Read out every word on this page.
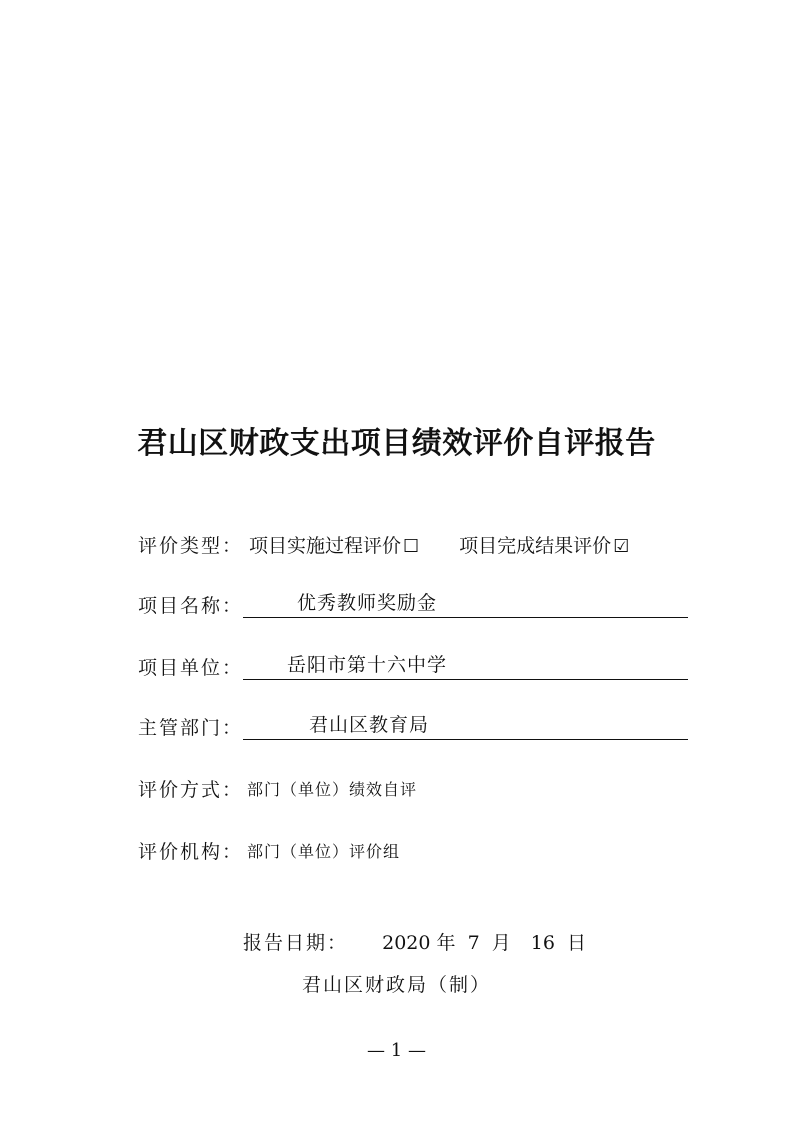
君山区财政支出项目绩效评价自评报告
评价类型： 项目实施过程评价 ☐ 项目完成结果评价 ☑
项目名称：	优秀教师奖励金
项目单位： 岳阳市第十六中学
主管部门：	君山区教育局
评价方式： 部门（单位）绩效自评
评价机构： 部门（单位）评价组
报告日期： 2020 年 7 月 16 日
君山区财政局（制）
— 1 —
